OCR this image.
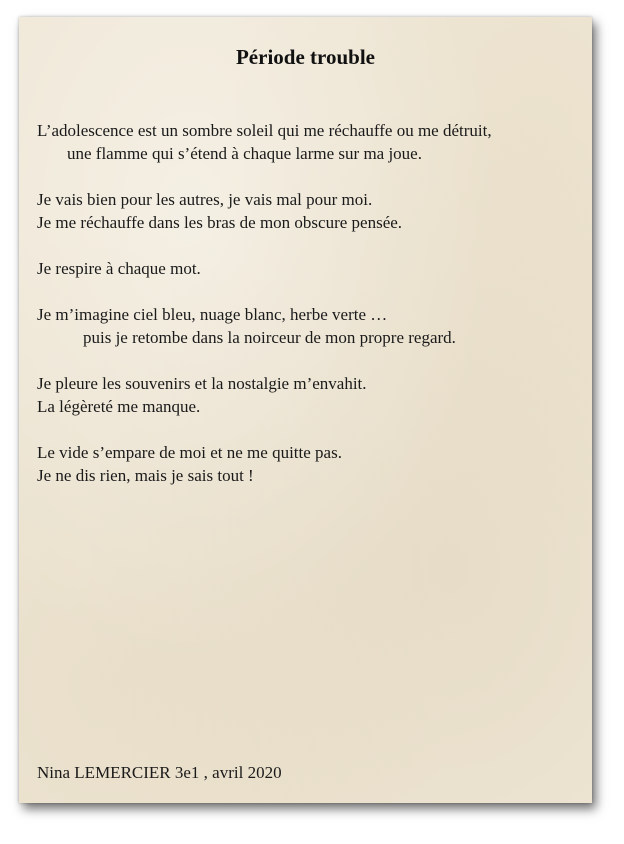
Période trouble
L’adolescence est un sombre soleil qui me réchauffe ou me détruit,
une flamme qui s’étend à chaque larme sur ma joue.
Je vais bien pour les autres, je vais mal pour moi.
Je me réchauffe dans les bras de mon obscure pensée.
Je respire à chaque mot.
Je m’imagine ciel bleu, nuage blanc, herbe verte …
puis je retombe dans la noirceur de mon propre regard.
Je pleure les souvenirs et la nostalgie m’envahit.
La légèreté me manque.
Le vide s’empare de moi et ne me quitte pas.
Je ne dis rien, mais je sais tout !
Nina LEMERCIER 3e1 , avril 2020
